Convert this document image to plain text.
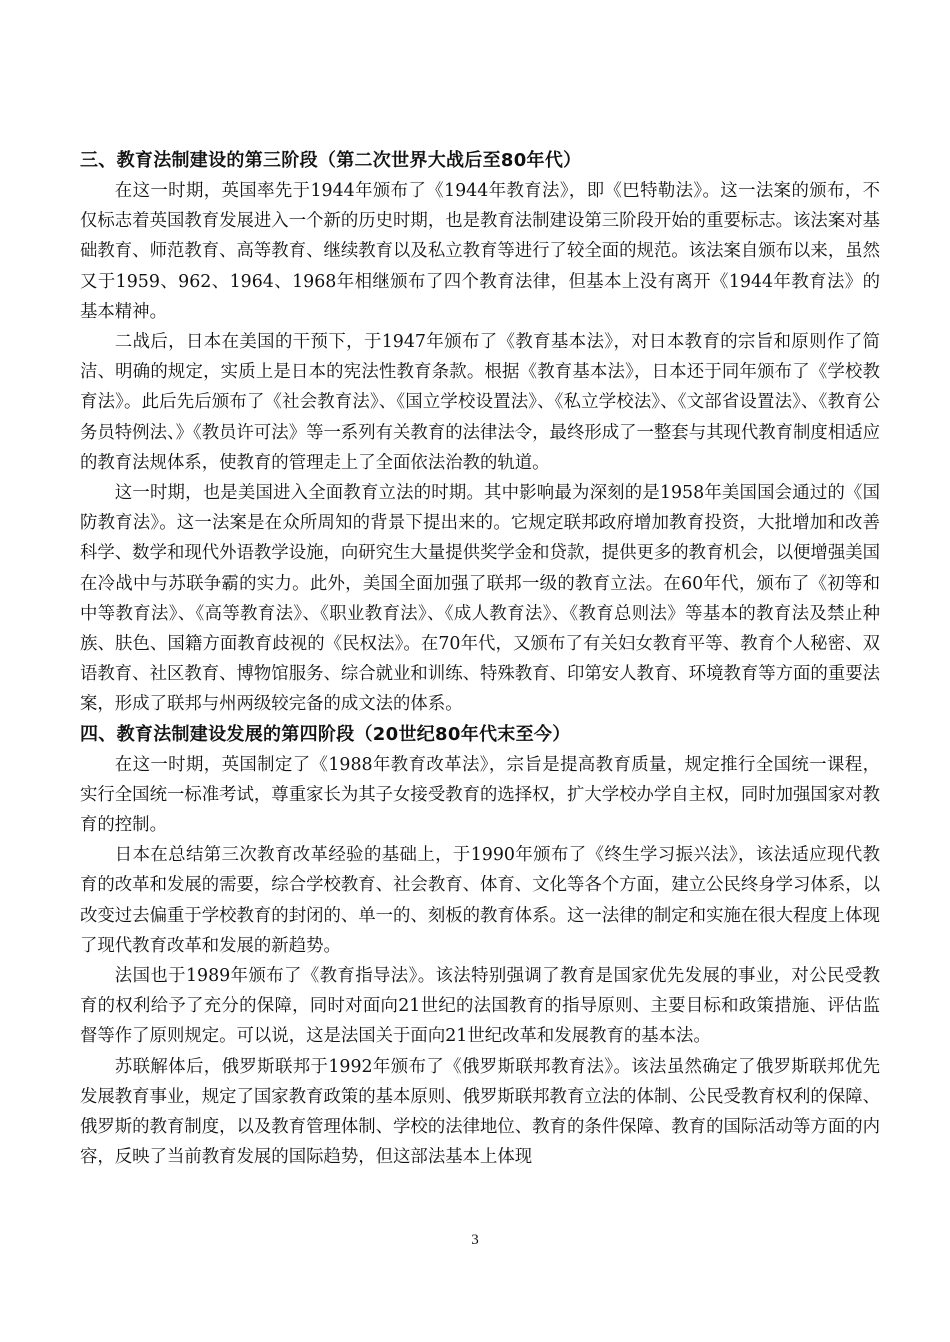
三、教育法制建设的第三阶段（第二次世界大战后至80年代）

在这一时期，英国率先于1944年颁布了《1944年教育法》，即《巴特勒法》。这一法案的颁布，不仅标志着英国教育发展进入一个新的历史时期，也是教育法制建设第三阶段开始的重要标志。该法案对基础教育、师范教育、高等教育、继续教育以及私立教育等进行了较全面的规范。该法案自颁布以来，虽然又于1959、962、1964、1968年相继颁布了四个教育法律，但基本上没有离开《1944年教育法》的基本精神。

二战后，日本在美国的干预下，于1947年颁布了《教育基本法》，对日本教育的宗旨和原则作了简洁、明确的规定，实质上是日本的宪法性教育条款。根据《教育基本法》，日本还于同年颁布了《学校教育法》。此后先后颁布了《社会教育法》、《国立学校设置法》、《私立学校法》、《文部省设置法》、《教育公务员特例法、》《教员许可法》等一系列有关教育的法律法令，最终形成了一整套与其现代教育制度相适应的教育法规体系，使教育的管理走上了全面依法治教的轨道。

这一时期，也是美国进入全面教育立法的时期。其中影响最为深刻的是1958年美国国会通过的《国防教育法》。这一法案是在众所周知的背景下提出来的。它规定联邦政府增加教育投资，大批增加和改善科学、数学和现代外语教学设施，向研究生大量提供奖学金和贷款，提供更多的教育机会，以便增强美国在冷战中与苏联争霸的实力。此外，美国全面加强了联邦一级的教育立法。在60年代，颁布了《初等和中等教育法》、《高等教育法》、《职业教育法》、《成人教育法》、《教育总则法》等基本的教育法及禁止种族、肤色、国籍方面教育歧视的《民权法》。在70年代，又颁布了有关妇女教育平等、教育个人秘密、双语教育、社区教育、博物馆服务、综合就业和训练、特殊教育、印第安人教育、环境教育等方面的重要法案，形成了联邦与州两级较完备的成文法的体系。

四、教育法制建设发展的第四阶段（20世纪80年代末至今）

在这一时期，英国制定了《1988年教育改革法》，宗旨是提高教育质量，规定推行全国统一课程，实行全国统一标准考试，尊重家长为其子女接受教育的选择权，扩大学校办学自主权，同时加强国家对教育的控制。

日本在总结第三次教育改革经验的基础上，于1990年颁布了《终生学习振兴法》，该法适应现代教育的改革和发展的需要，综合学校教育、社会教育、体育、文化等各个方面，建立公民终身学习体系，以改变过去偏重于学校教育的封闭的、单一的、刻板的教育体系。这一法律的制定和实施在很大程度上体现了现代教育改革和发展的新趋势。

法国也于1989年颁布了《教育指导法》。该法特别强调了教育是国家优先发展的事业，对公民受教育的权利给予了充分的保障，同时对面向21世纪的法国教育的指导原则、主要目标和政策措施、评估监督等作了原则规定。可以说，这是法国关于面向21世纪改革和发展教育的基本法。

苏联解体后，俄罗斯联邦于1992年颁布了《俄罗斯联邦教育法》。该法虽然确定了俄罗斯联邦优先发展教育事业，规定了国家教育政策的基本原则、俄罗斯联邦教育立法的体制、公民受教育权利的保障、俄罗斯的教育制度，以及教育管理体制、学校的法律地位、教育的条件保障、教育的国际活动等方面的内容，反映了当前教育发展的国际趋势，但这部法基本上体现

3
